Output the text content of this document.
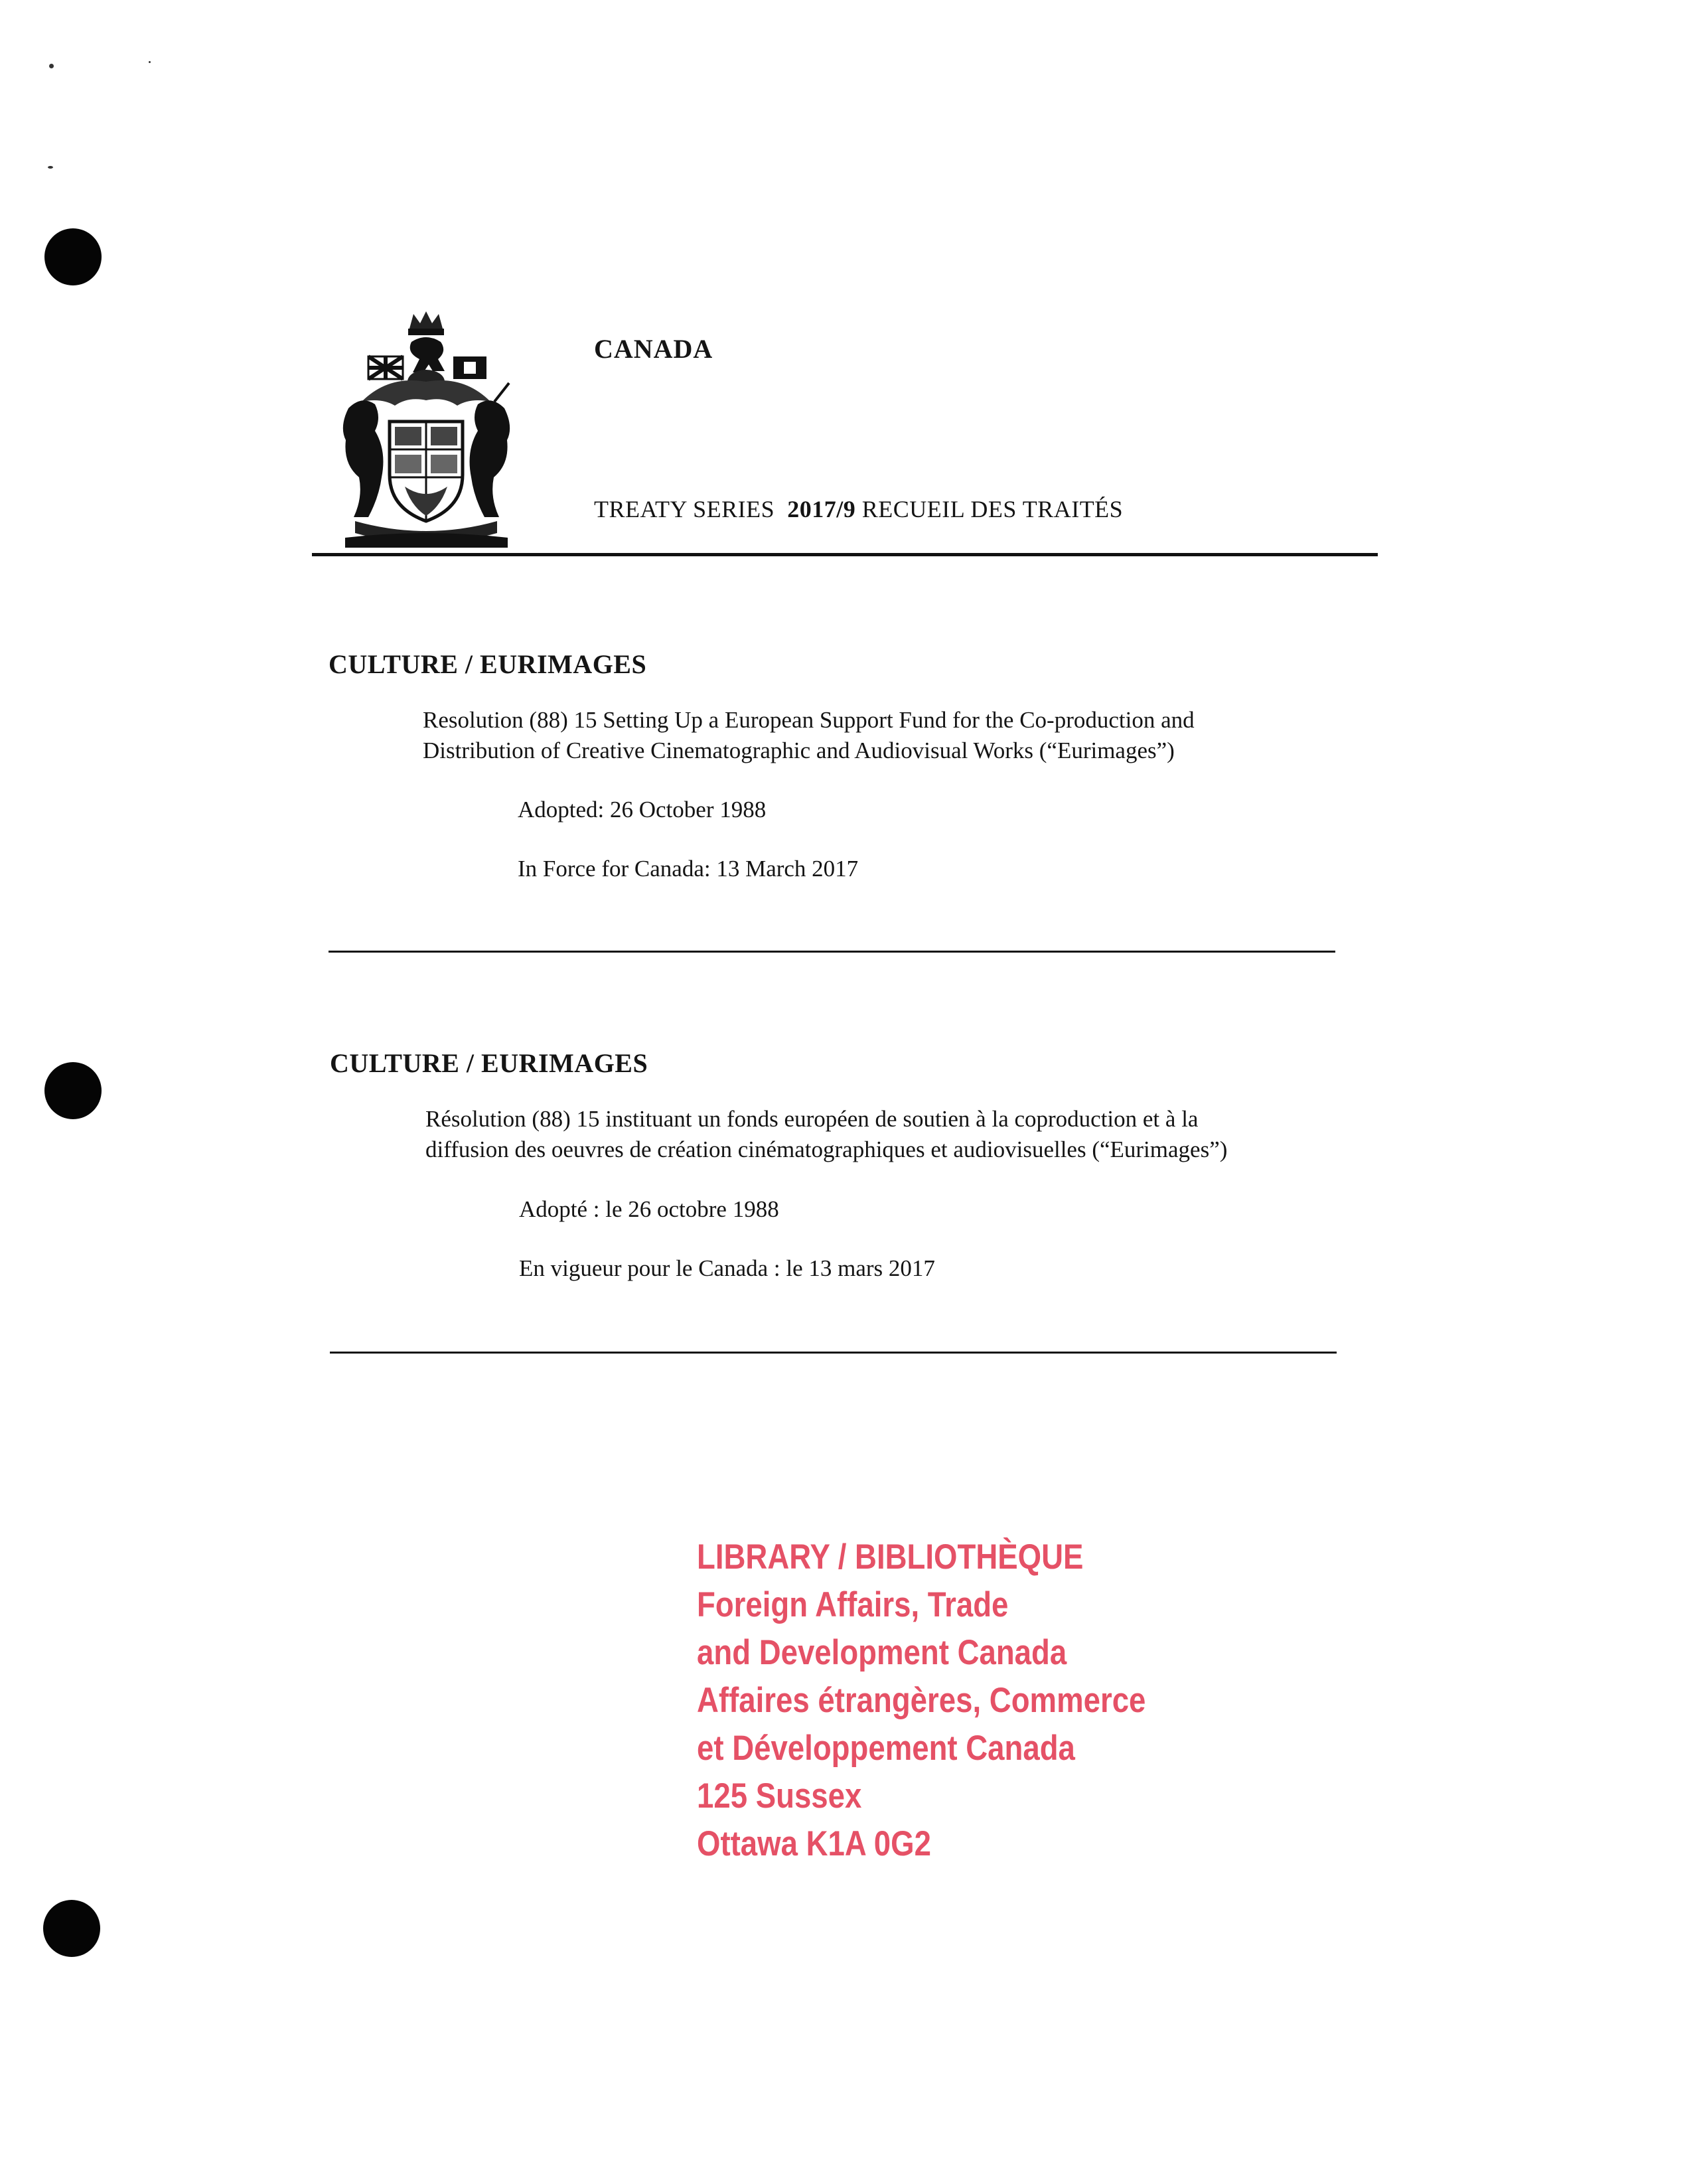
CANADA
TREATY SERIES 2017/9 RECUEIL DES TRAITÉS
CULTURE / EURIMAGES
Resolution (88) 15 Setting Up a European Support Fund for the Co-production and
Distribution of Creative Cinematographic and Audiovisual Works (“Eurimages”)
Adopted: 26 October 1988
In Force for Canada: 13 March 2017
CULTURE / EURIMAGES
Résolution (88) 15 instituant un fonds européen de soutien à la coproduction et à la
diffusion des oeuvres de création cinématographiques et audiovisuelles (“Eurimages”)
Adopté : le 26 octobre 1988
En vigueur pour le Canada : le 13 mars 2017
LIBRARY / BIBLIOTHÈQUE
Foreign Affairs, Trade
and Development Canada
Affaires étrangères, Commerce
et Développement Canada
125 Sussex
Ottawa K1A 0G2
